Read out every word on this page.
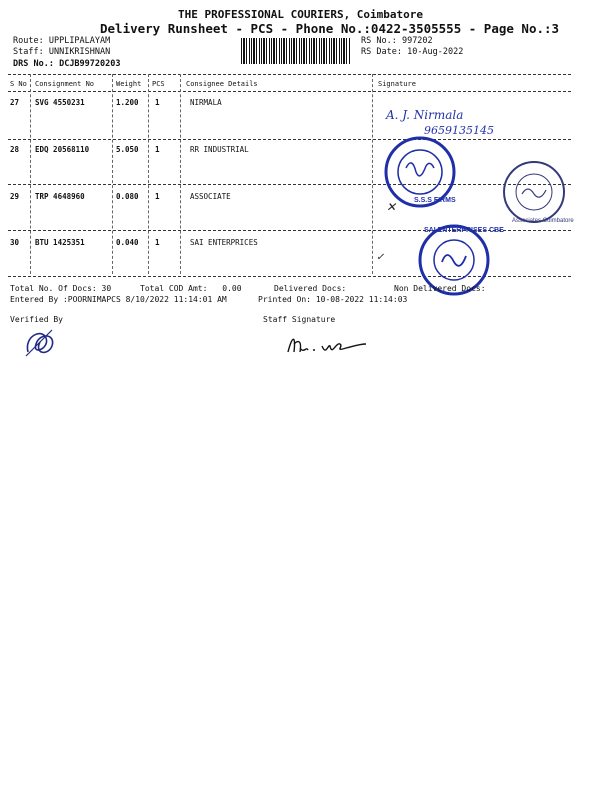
THE PROFESSIONAL COURIERS, Coimbatore
Delivery Runsheet - PCS - Phone No.:0422-3505555 - Page No.:3
Route: UPPLIPALAYAM
Staff: UNNIKRISHNAN
DRS No.: DCJB99720203
RS No.: 997202
RS Date: 10-Aug-2022
S No Consignment No	Weight PCS	Consignee Details	Signature
27 SVG 4550231	1.200 1	NIRMALA
28 EDQ 20568110	5.050 1	RR INDUSTRIAL
29 TRP 4648960	0.080 1	ASSOCIATE
30 BTU 1425351	0.040 1	SAI ENTERPRICES
A. J. Nirmala
9659135145
S.S.S FIRMS
Associates Coimbatore
✕
SAI ENTERPRISES CBE
✓
Total No. Of Docs: 30	Total COD Amt: 0.00	Delivered Docs:	Non Delivered Docs:
Entered By :POORNIMAPCS 8/10/2022 11:14:01 AM	Printed On: 10-08-2022 11:14:03
Verified By	Staff Signature
